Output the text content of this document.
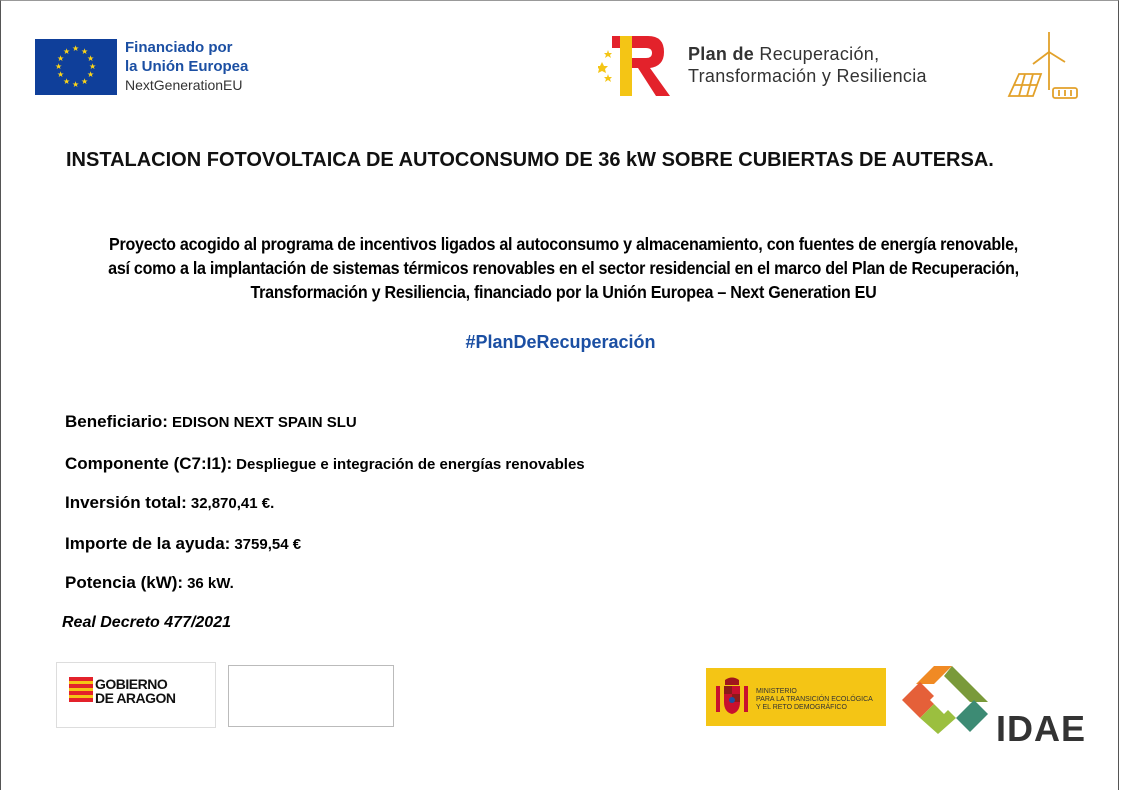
★ ★
★
★
★
★
★
★
★
★
★
★	Financiado por
la Unión Europea
NextGenerationEU
Plan de Recuperación,
Transformación y Resiliencia
INSTALACION FOTOVOLTAICA DE AUTOCONSUMO DE 36 kW SOBRE CUBIERTAS DE AUTERSA.

Proyecto acogido al programa de incentivos ligados al autoconsumo y almacenamiento, con fuentes de energía renovable, así como a la implantación de sistemas térmicos renovables en el sector residencial en el marco del Plan de Recuperación, Transformación y Resiliencia, financiado por la Unión Europea – Next Generation EU

#PlanDeRecuperación
Beneficiario: EDISON NEXT SPAIN SLU
Componente (C7:I1): Despliegue e integración de energías renovables
Inversión total: 32,870,41 €.
Importe de la ayuda: 3759,54 €
Potencia (kW): 36 kW.
Real Decreto 477/2021
GOBIERNO
DE ARAGON	MINISTERIO
PARA LA TRANSICIÓN ECOLÓGICA
Y EL RETO DEMOGRÁFICO
IDAE
